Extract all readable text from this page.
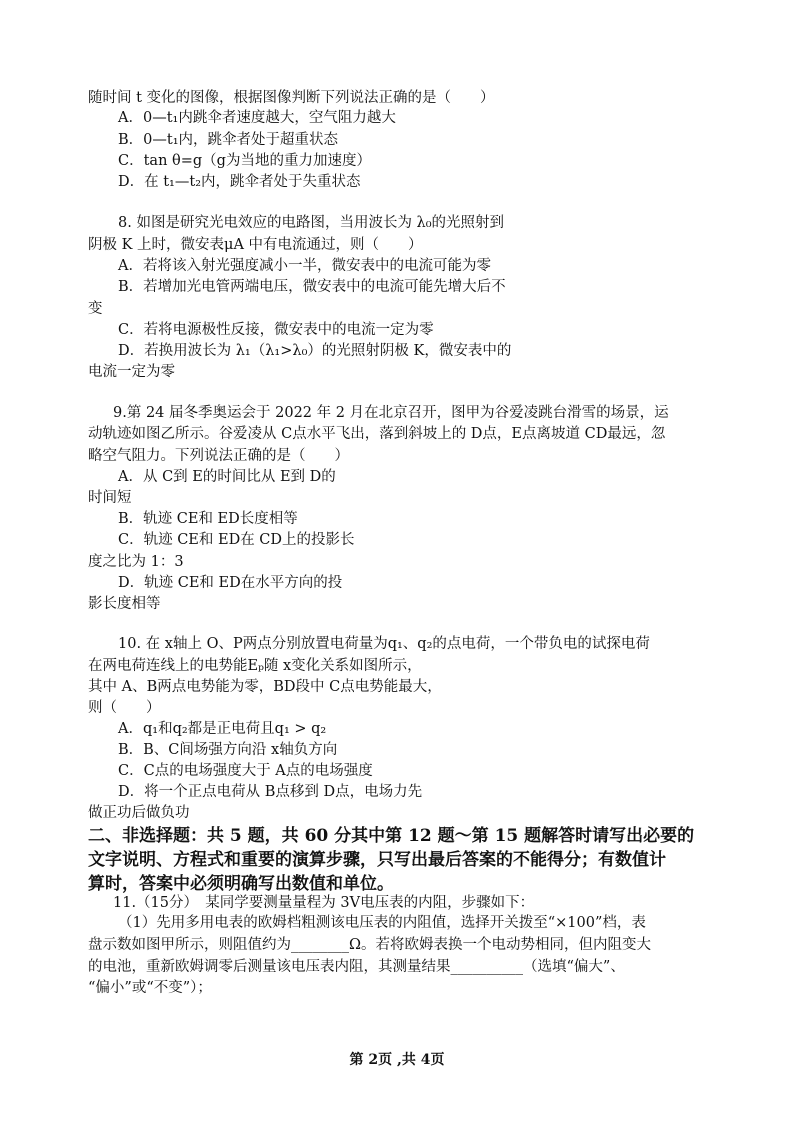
随时间 t 变化的图像，根据图像判断下列说法正确的是（　　）
A．0—t₁内跳伞者速度越大，空气阻力越大
B．0—t₁内，跳伞者处于超重状态
C．tan θ=g（g为当地的重力加速度）
D．在 t₁—t₂内，跳伞者处于失重状态
8. 如图是研究光电效应的电路图，当用波长为 λ₀的光照射到
阴极 K 上时，微安表μA 中有电流通过，则（　　）
A．若将该入射光强度减小一半，微安表中的电流可能为零
B．若增加光电管两端电压，微安表中的电流可能先增大后不
变
C．若将电源极性反接，微安表中的电流一定为零
D．若换用波长为 λ₁（λ₁>λ₀）的光照射阴极 K，微安表中的
电流一定为零
9.第 24 届冬季奥运会于 2022 年 2 月在北京召开，图甲为谷爱凌跳台滑雪的场景，运
动轨迹如图乙所示。谷爱凌从 C点水平飞出，落到斜坡上的 D点，E点离坡道 CD最远，忽
略空气阻力。下列说法正确的是（　　）
A．从 C到 E的时间比从 E到 D的
时间短
B．轨迹 CE和 ED长度相等
C．轨迹 CE和 ED在 CD上的投影长
度之比为 1：3
D．轨迹 CE和 ED在水平方向的投
影长度相等
10. 在 x轴上 O、P两点分别放置电荷量为q₁、q₂的点电荷，一个带负电的试探电荷
在两电荷连线上的电势能Eₚ随 x变化关系如图所示，
其中 A、B两点电势能为零，BD段中 C点电势能最大，
则（　　）
A．q₁和q₂都是正电荷且q₁ > q₂
B．B、C间场强方向沿 x轴负方向
C．C点的电场强度大于 A点的电场强度
D．将一个正点电荷从 B点移到 D点，电场力先
做正功后做负功
二、非选择题：共 5 题，共 60 分其中第 12 题～第 15 题解答时请写出必要的
文字说明、方程式和重要的演算步骤，只写出最后答案的不能得分；有数值计
算时，答案中必须明确写出数值和单位。
11.（15分）　某同学要测量量程为 3V电压表的内阻，步骤如下：
（1）先用多用电表的欧姆档粗测该电压表的内阻值，选择开关拨至“×100”档，表
盘示数如图甲所示，则阻值约为________Ω。若将欧姆表换一个电动势相同，但内阻变大
的电池，重新欧姆调零后测量该电压表内阻，其测量结果__________（选填“偏大”、
“偏小”或“不变”）；
第 2页 ,共 4页
